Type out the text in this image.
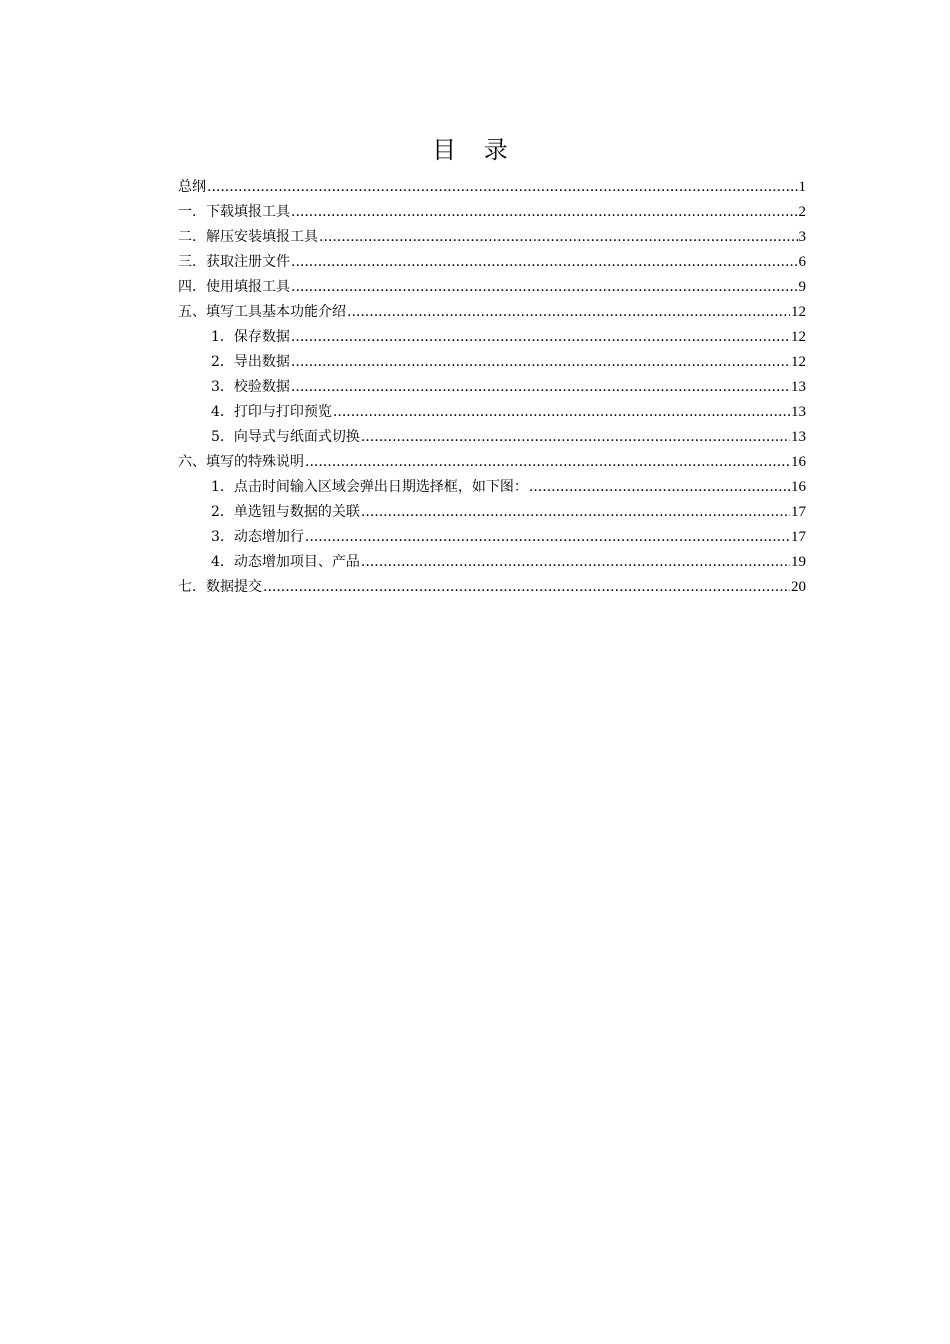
目 录
总纲 .....	1
一．下载填报工具 .....	2
二．解压安装填报工具 .....	3
三．获取注册文件 .....	6
四．使用填报工具 .....	9
五、填写工具基本功能介绍 .....	12
1．保存数据 .....	12
2．导出数据 .....	12
3．校验数据 .....	13
4．打印与打印预览 .....	13
5．向导式与纸面式切换 .....	13
六、填写的特殊说明 .....	16
1．点击时间输入区域会弹出日期选择框，如下图： .....	16
2．单选钮与数据的关联 .....	17
3．动态增加行 .....	17
4．动态增加项目、产品 .....	19
七．数据提交 .....	20
